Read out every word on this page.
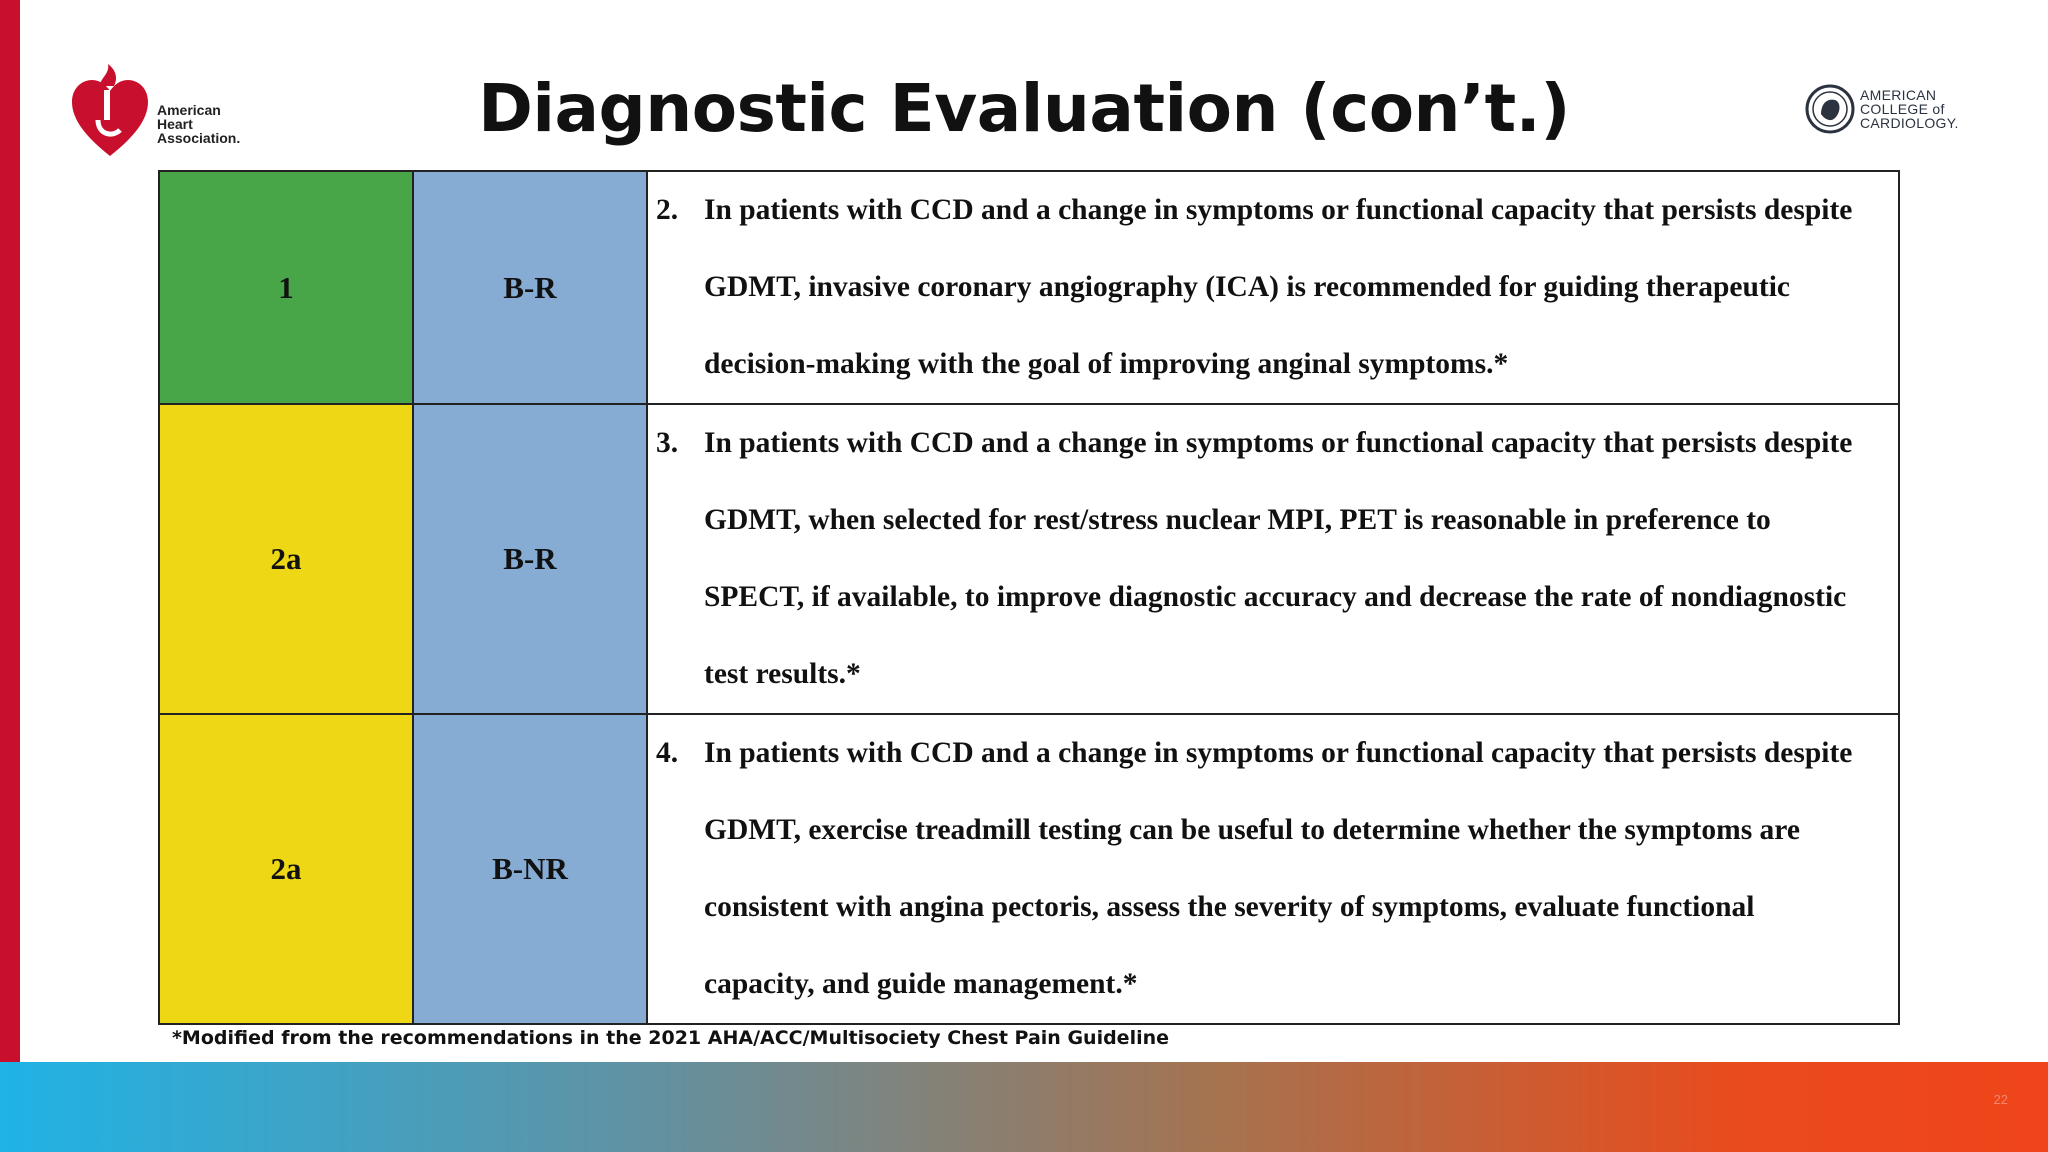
American
Heart
Association.	Diagnostic Evaluation (con’t.)	AMERICAN
COLLEGE of
CARDIOLOGY.
1	B-R	2. In patients with CCD and a change in symptoms or functional capacity that persists despite GDMT, invasive coronary angiography (ICA) is recommended for guiding therapeutic decision-making with the goal of improving anginal symptoms.*

2a	B-R	3. In patients with CCD and a change in symptoms or functional capacity that persists despite GDMT, when selected for rest/stress nuclear MPI, PET is reasonable in preference to SPECT, if available, to improve diagnostic accuracy and decrease the rate of nondiagnostic test results.*

2a	B-NR	4. In patients with CCD and a change in symptoms or functional capacity that persists despite GDMT, exercise treadmill testing can be useful to determine whether the symptoms are consistent with angina pectoris, assess the severity of symptoms, evaluate functional capacity, and guide management.*
*Modified from the recommendations in the 2021 AHA/ACC/Multisociety Chest Pain Guideline
22
